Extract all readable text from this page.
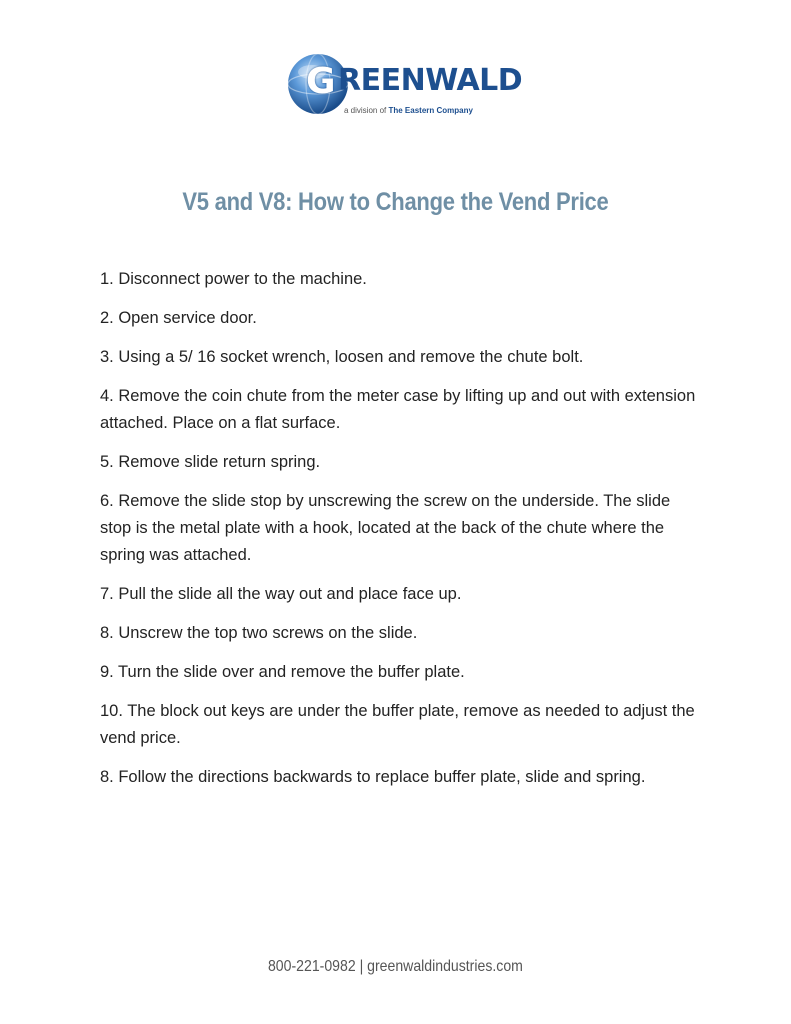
G REENWALD
a division of The Eastern Company
V5 and V8: How to Change the Vend Price
1. Disconnect power to the machine.
2. Open service door.
3. Using a 5/ 16 socket wrench, loosen and remove the chute bolt.
4. Remove the coin chute from the meter case by lifting up and out with extension attached. Place on a flat surface.
5. Remove slide return spring.
6. Remove the slide stop by unscrewing the screw on the underside. The slide stop is the metal plate with a hook, located at the back of the chute where the spring was attached.
7. Pull the slide all the way out and place face up.
8. Unscrew the top two screws on the slide.
9. Turn the slide over and remove the buffer plate.
10. The block out keys are under the buffer plate, remove as needed to adjust the vend price.
8. Follow the directions backwards to replace buffer plate, slide and spring.
800-221-0982 | greenwaldindustries.com
